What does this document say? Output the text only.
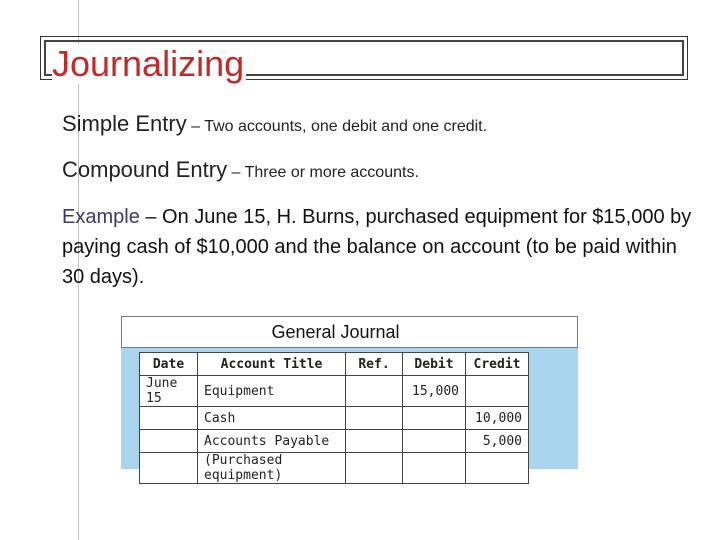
Journalizing
Simple Entry – Two accounts, one debit and one credit.
Compound Entry – Three or more accounts.
Example – On June 15, H. Burns, purchased equipment for $15,000 by paying cash of $10,000 and the balance on account (to be paid within 30 days).
General Journal
Date	Account Title	Ref.	Debit	Credit
June 15	Equipment		15,000	
	Cash			10,000
	Accounts Payable			5,000
	(Purchased equipment)			
